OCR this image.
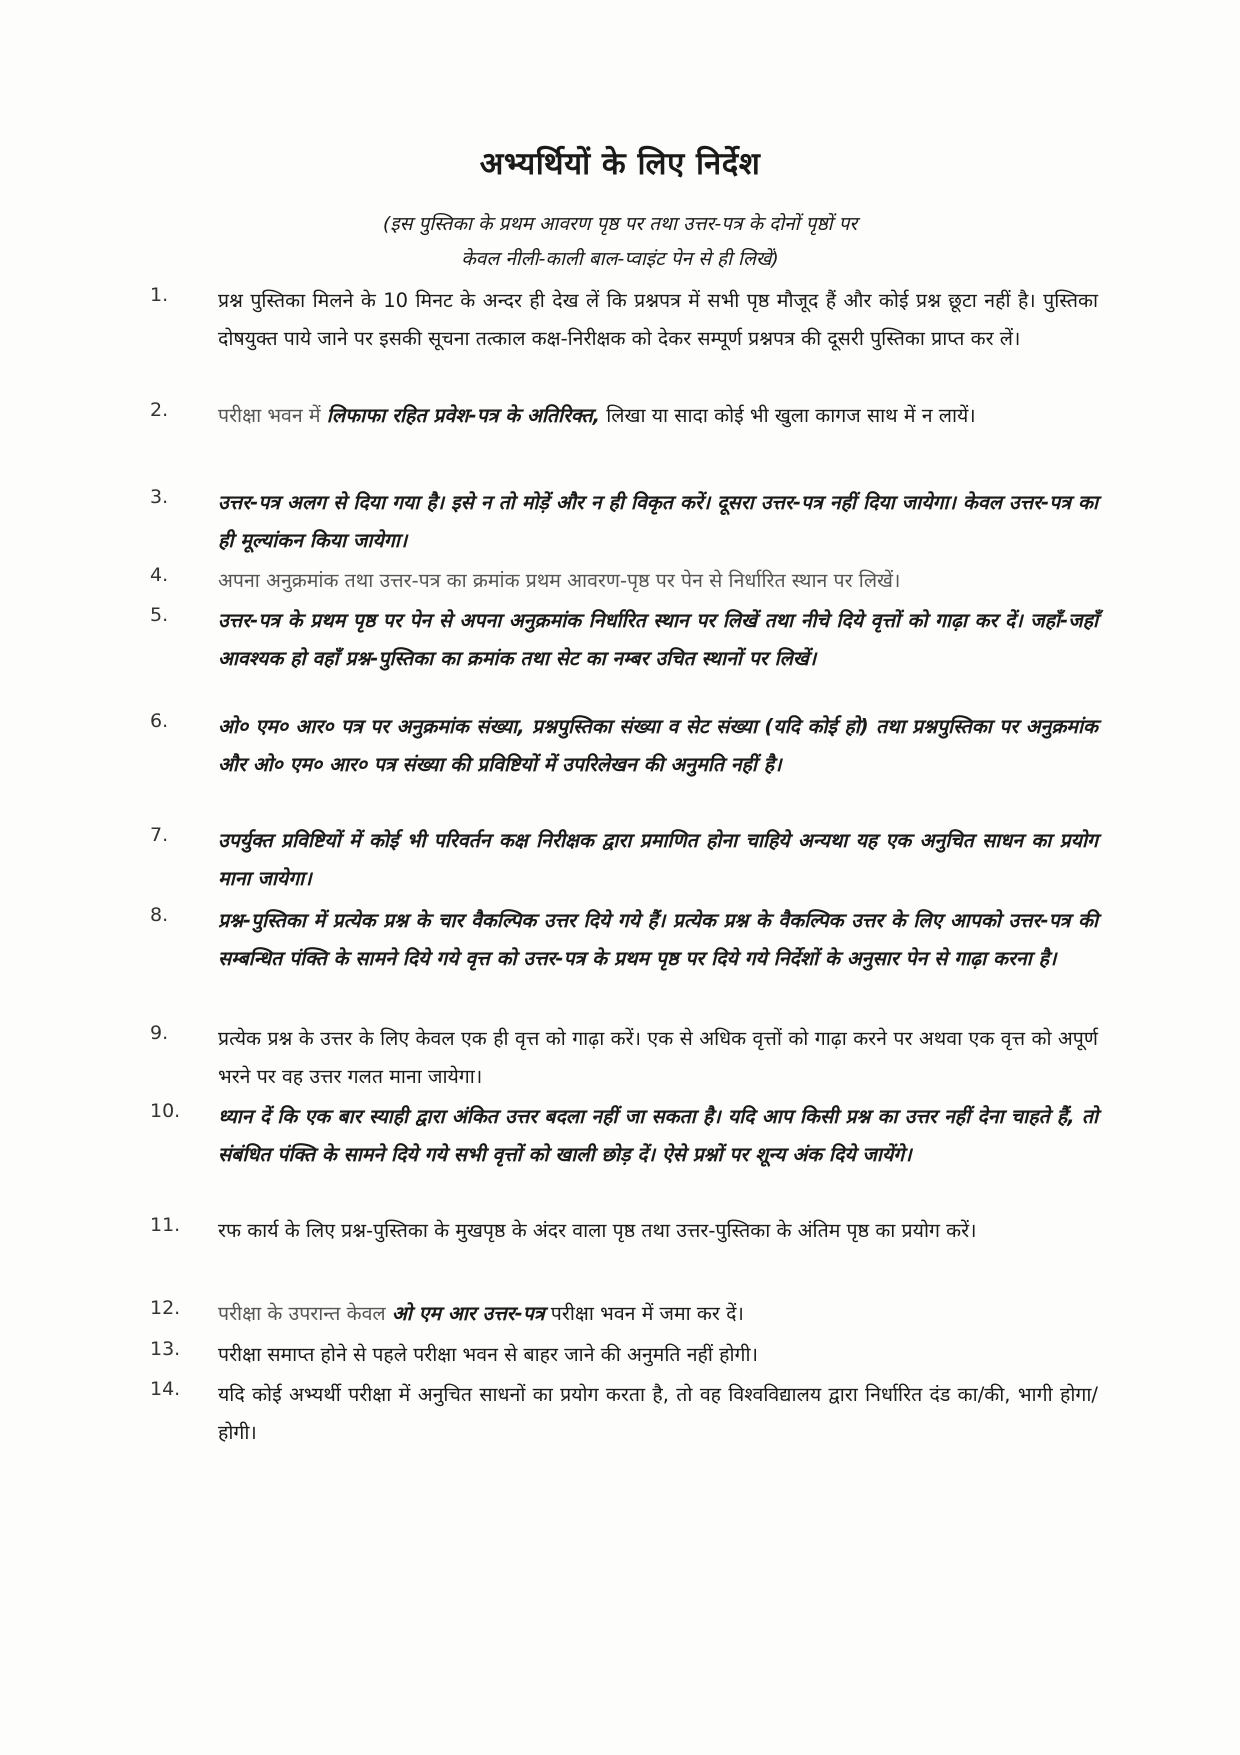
अभ्यर्थियों के लिए निर्देश
(इस पुस्तिका के प्रथम आवरण पृष्ठ पर तथा उत्तर-पत्र के दोनों पृष्ठों पर
केवल नीली-काली बाल-प्वाइंट पेन से ही लिखें)
1.	प्रश्न पुस्तिका मिलने के 10 मिनट के अन्दर ही देख लें कि प्रश्नपत्र में सभी पृष्ठ मौजूद हैं और कोई प्रश्न छूटा नहीं है। पुस्तिका दोषयुक्त पाये जाने पर इसकी सूचना तत्काल कक्ष-निरीक्षक को देकर सम्पूर्ण प्रश्नपत्र की दूसरी पुस्तिका प्राप्त कर लें।
2.	परीक्षा भवन में लिफाफा रहित प्रवेश-पत्र के अतिरिक्त, लिखा या सादा कोई भी खुला कागज साथ में न लायें।
3.	उत्तर-पत्र अलग से दिया गया है। इसे न तो मोड़ें और न ही विकृत करें। दूसरा उत्तर-पत्र नहीं दिया जायेगा। केवल उत्तर-पत्र का ही मूल्यांकन किया जायेगा।
4.	अपना अनुक्रमांक तथा उत्तर-पत्र का क्रमांक प्रथम आवरण-पृष्ठ पर पेन से निर्धारित स्थान पर लिखें।
5.	उत्तर-पत्र के प्रथम पृष्ठ पर पेन से अपना अनुक्रमांक निर्धारित स्थान पर लिखें तथा नीचे दिये वृत्तों को गाढ़ा कर दें। जहाँ-जहाँ आवश्यक हो वहाँ प्रश्न-पुस्तिका का क्रमांक तथा सेट का नम्बर उचित स्थानों पर लिखें।
6.	ओ० एम० आर० पत्र पर अनुक्रमांक संख्या, प्रश्नपुस्तिका संख्या व सेट संख्या (यदि कोई हो) तथा प्रश्नपुस्तिका पर अनुक्रमांक और ओ० एम० आर० पत्र संख्या की प्रविष्टियों में उपरिलेखन की अनुमति नहीं है।
7.	उपर्युक्त प्रविष्टियों में कोई भी परिवर्तन कक्ष निरीक्षक द्वारा प्रमाणित होना चाहिये अन्यथा यह एक अनुचित साधन का प्रयोग माना जायेगा।
8.	प्रश्न-पुस्तिका में प्रत्येक प्रश्न के चार वैकल्पिक उत्तर दिये गये हैं। प्रत्येक प्रश्न के वैकल्पिक उत्तर के लिए आपको उत्तर-पत्र की सम्बन्धित पंक्ति के सामने दिये गये वृत्त को उत्तर-पत्र के प्रथम पृष्ठ पर दिये गये निर्देशों के अनुसार पेन से गाढ़ा करना है।
9.	प्रत्येक प्रश्न के उत्तर के लिए केवल एक ही वृत्त को गाढ़ा करें। एक से अधिक वृत्तों को गाढ़ा करने पर अथवा एक वृत्त को अपूर्ण भरने पर वह उत्तर गलत माना जायेगा।
10.	ध्यान दें कि एक बार स्याही द्वारा अंकित उत्तर बदला नहीं जा सकता है। यदि आप किसी प्रश्न का उत्तर नहीं देना चाहते हैं, तो संबंधित पंक्ति के सामने दिये गये सभी वृत्तों को खाली छोड़ दें। ऐसे प्रश्नों पर शून्य अंक दिये जायेंगे।
11.	रफ कार्य के लिए प्रश्न-पुस्तिका के मुखपृष्ठ के अंदर वाला पृष्ठ तथा उत्तर-पुस्तिका के अंतिम पृष्ठ का प्रयोग करें।
12.	परीक्षा के उपरान्त केवल ओ एम आर उत्तर-पत्र परीक्षा भवन में जमा कर दें।
13.	परीक्षा समाप्त होने से पहले परीक्षा भवन से बाहर जाने की अनुमति नहीं होगी।
14.	यदि कोई अभ्यर्थी परीक्षा में अनुचित साधनों का प्रयोग करता है, तो वह विश्वविद्यालय द्वारा निर्धारित दंड का/की, भागी होगा/होगी।
